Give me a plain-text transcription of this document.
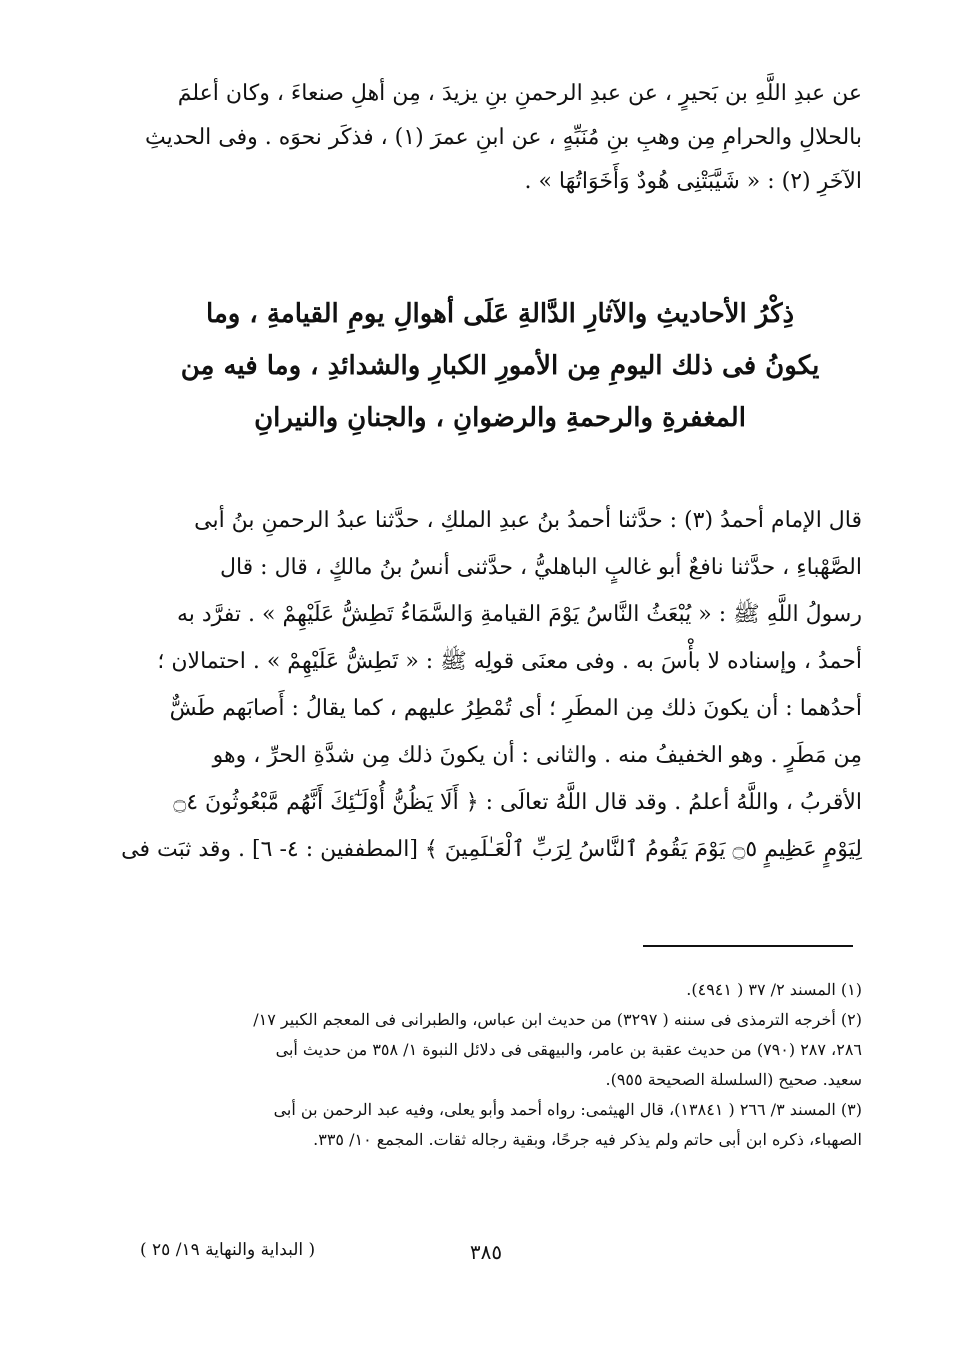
عن عبدِ اللَّهِ بن بَحيرٍ ، عن عبدِ الرحمنِ بنِ يزيدَ ، مِن أهلِ صنعاءَ ، وكان أعلمَ
بالحلالِ والحرامِ مِن وهبِ بنِ مُنَبِّهٍ ، عن ابنِ عمرَ (١) ، فذكَر نحوَه . وفى الحديثِ
الآخَرِ (٢) : « شَيَّبَتْنِى هُودٌ وَأَخَوَاتُهَا » .
ذِكْرُ الأحاديثِ والآثارِ الدَّالةِ عَلَى أهوالِ يومِ القيامةِ ، وما
يكونُ فى ذلك اليومِ مِن الأمورِ الكبارِ والشدائدِ ، وما فيه مِن
المغفرةِ والرحمةِ والرضوانِ ، والجنانِ والنيرانِ
قال الإمام أحمدُ (٣) : حدَّثنا أحمدُ بنُ عبدِ الملكِ ، حدَّثنا عبدُ الرحمنِ بنُ أبى
الصَّهْباءِ ، حدَّثنا نافعٌ أبو غالبٍ الباهليُّ ، حدَّثنى أنسُ بنُ مالكٍ ، قال : قال
رسولُ اللَّهِ ﷺ : « يُبْعَثُ النَّاسُ يَوْمَ القيامةِ وَالسَّمَاءُ تَطِشُّ عَلَيْهِمْ » . تفرَّد به
أحمدُ ، وإسناده لا بأْسَ به . وفى معنَى قولِه ﷺ : « تَطِشُّ عَلَيْهِمْ » . احتمالان ؛
أحدُهما : أن يكونَ ذلك مِن المطَرِ ؛ أى تُمْطِرُ عليهم ، كما يقالُ : أَصابَهم طَشٌّ
مِن مَطَرٍ . وهو الخفيفُ منه . والثانى : أن يكونَ ذلك مِن شدَّةِ الحرِّ ، وهو
الأقربُ ، واللَّهُ أعلمُ . وقد قال اللَّهُ تعالَى : ﴿ أَلَا يَظُنُّ أُوْلَـٰٓئِكَ أَنَّهُم مَّبْعُوثُونَ ۝٤
لِيَوْمٍ عَظِيمٍ ۝٥ يَوْمَ يَقُومُ ٱلنَّاسُ لِرَبِّ ٱلْعَـٰلَمِينَ ﴾ [المطففين : ٤- ٦] . وقد ثبَت فى
(١) المسند ٢/ ٣٧ ( ٤٩٤١).
(٢) أخرجه الترمذى فى سننه ( ٣٢٩٧) من حديث ابن عباس، والطبرانى فى المعجم الكبير ١٧/
٢٨٦، ٢٨٧ (٧٩٠) من حديث عقبة بن عامر، والبيهقى فى دلائل النبوة ١/ ٣٥٨ من حديث أبى
سعيد. صحيح (السلسلة الصحيحة ٩٥٥).
(٣) المسند ٣/ ٢٦٦ ( ١٣٨٤١)، قال الهيثمى: رواه أحمد وأبو يعلى، وفيه عبد الرحمن بن أبى
الصهباء، ذكره ابن أبى حاتم ولم يذكر فيه جرحًا، وبقية رجاله ثقات. المجمع ١٠/ ٣٣٥.
٣٨٥
( البداية والنهاية ١٩/ ٢٥ )
